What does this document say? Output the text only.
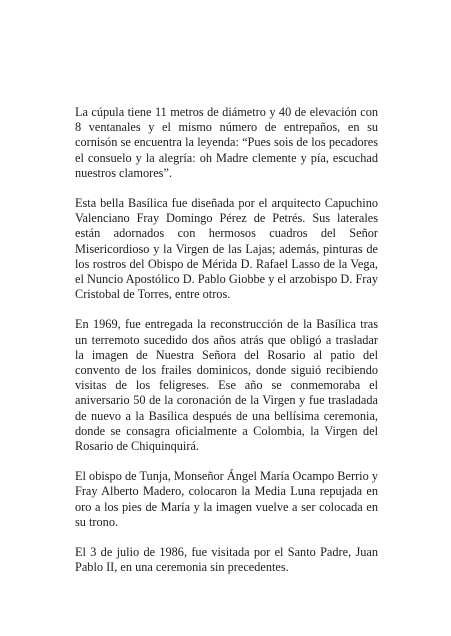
La cúpula tiene 11 metros de diámetro y 40 de elevación con 8 ventanales y el mismo número de entrepaños, en su cornisón se encuentra la leyenda: “Pues sois de los pecadores el consuelo y la alegría: oh Madre clemente y pía, escuchad nuestros clamores”.

Esta bella Basílica fue diseñada por el arquitecto Capuchino Valenciano Fray Domingo Pérez de Petrés. Sus laterales están adornados con hermosos cuadros del Señor Misericordioso y la Virgen de las Lajas; además, pinturas de los rostros del Obispo de Mérida D. Rafael Lasso de la Vega, el Nuncio Apostólico D. Pablo Giobbe y el arzobispo D. Fray Cristobal de Torres, entre otros.

En 1969, fue entregada la reconstrucción de la Basílica tras un terremoto sucedido dos años atrás que obligó a trasladar la imagen de Nuestra Señora del Rosario al patio del convento de los frailes dominicos, donde siguió recibiendo visitas de los feligreses. Ese año se conmemoraba el aniversario 50 de la coronación de la Virgen y fue trasladada de nuevo a la Basílica después de una bellísima ceremonia, donde se consagra oficialmente a Colombia, la Virgen del Rosario de Chiquinquirá.

El obispo de Tunja, Monseñor Ángel María Ocampo Berrio y Fray Alberto Madero, colocaron la Media Luna repujada en oro a los pies de María y la imagen vuelve a ser colocada en su trono.

El 3 de julio de 1986, fue visitada por el Santo Padre, Juan Pablo II, en una ceremonia sin precedentes.
